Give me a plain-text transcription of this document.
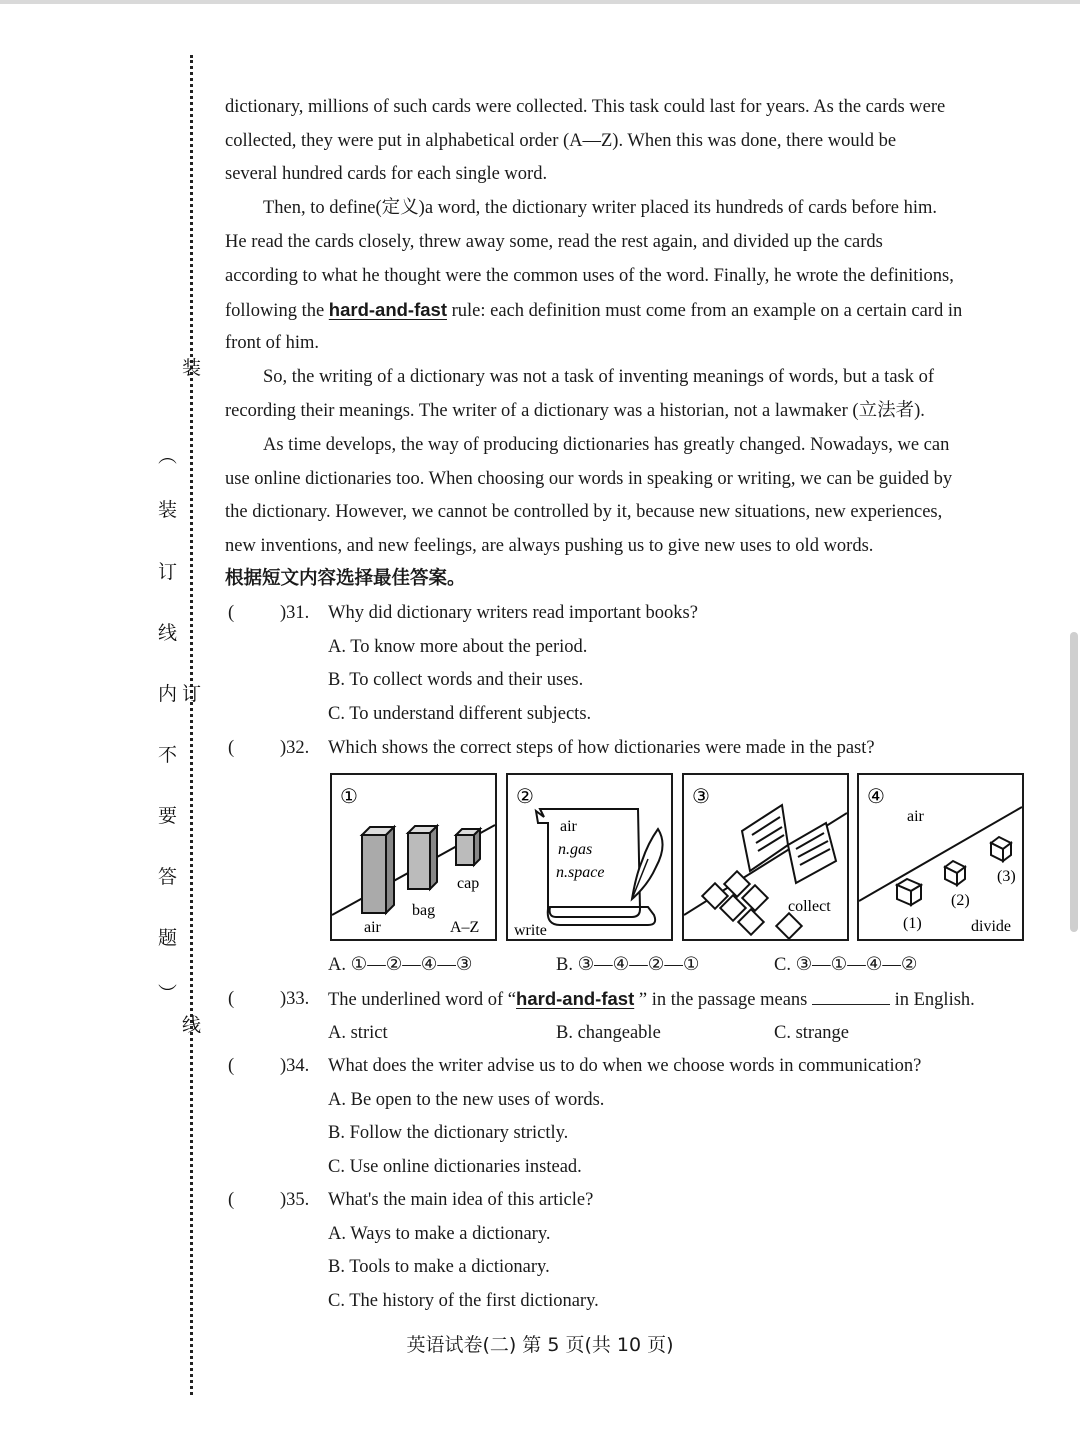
装
订
线
︵
装
订
线
内
不
要
答
题
︶
dictionary, millions of such cards were collected. This task could last for years. As the cards were
collected, they were put in alphabetical order (A—Z). When this was done, there would be
several hundred cards for each single word.
Then, to define(定义)a word, the dictionary writer placed its hundreds of cards before him.
He read the cards closely, threw away some, read the rest again, and divided up the cards
according to what he thought were the common uses of the word. Finally, he wrote the definitions,
following the hard-and-fast rule: each definition must come from an example on a certain card in
front of him.
So, the writing of a dictionary was not a task of inventing meanings of words, but a task of
recording their meanings. The writer of a dictionary was a historian, not a lawmaker (立法者).
As time develops, the way of producing dictionaries has greatly changed. Nowadays, we can
use online dictionaries too. When choosing our words in speaking or writing, we can be guided by
the dictionary. However, we cannot be controlled by it, because new situations, new experiences,
new inventions, and new feelings, are always pushing us to give new uses to old words.
根据短文内容选择最佳答案。
( )31. Why did dictionary writers read important books?
A. To know more about the period.
B. To collect words and their uses.
C. To understand different subjects.
( )32. Which shows the correct steps of how dictionaries were made in the past?
①
air
bag
cap
A–Z
②
air
n.gas
n.space
write
③
collect
④
air
(1)
(2)
(3)
divide
A. ①—②—④—③	B. ③—④—②—①	C. ③—①—④—②
( )33. The underlined word of “hard-and-fast ” in the passage means	in English.
A. strict	B. changeable	C. strange
( )34. What does the writer advise us to do when we choose words in communication?
A. Be open to the new uses of words.
B. Follow the dictionary strictly.
C. Use online dictionaries instead.
( )35. What's the main idea of this article?
A. Ways to make a dictionary.
B. Tools to make a dictionary.
C. The history of the first dictionary.
英语试卷(二) 第 5 页(共 10 页)
